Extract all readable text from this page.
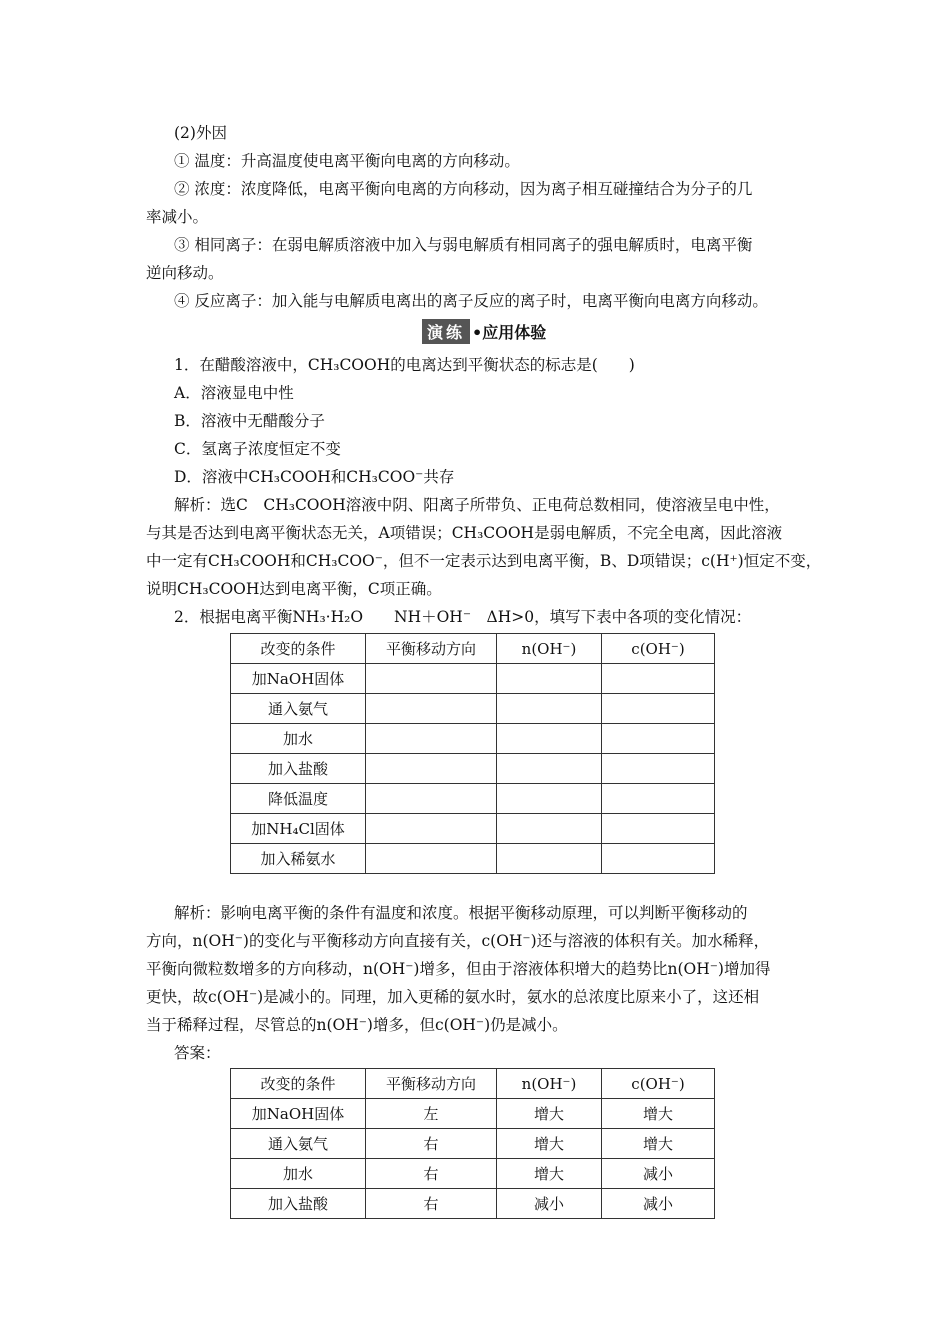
(2)外因
① 温度：升高温度使电离平衡向电离的方向移动。
② 浓度：浓度降低，电离平衡向电离的方向移动，因为离子相互碰撞结合为分子的几
率减小。
③ 相同离子：在弱电解质溶液中加入与弱电解质有相同离子的强电解质时，电离平衡
逆向移动。
④ 反应离子：加入能与电解质电离出的离子反应的离子时，电离平衡向电离方向移动。
演练 •应用体验
1．在醋酸溶液中，CH₃COOH的电离达到平衡状态的标志是(　　)
A．溶液显电中性
B．溶液中无醋酸分子
C．氢离子浓度恒定不变
D．溶液中CH₃COOH和CH₃COO⁻共存
解析：选C　CH₃COOH溶液中阴、阳离子所带负、正电荷总数相同，使溶液呈电中性，
与其是否达到电离平衡状态无关，A项错误；CH₃COOH是弱电解质，不完全电离，因此溶液
中一定有CH₃COOH和CH₃COO⁻，但不一定表示达到电离平衡，B、D项错误；c(H⁺)恒定不变，
说明CH₃COOH达到电离平衡，C项正确。
2．根据电离平衡NH₃·H₂O　　NH＋OH⁻　ΔH>0，填写下表中各项的变化情况：
改变的条件	平衡移动方向	n(OH⁻)	c(OH⁻)
加NaOH固体			
通入氨气			
加水			
加入盐酸			
降低温度			
加NH₄Cl固体			
加入稀氨水			
解析：影响电离平衡的条件有温度和浓度。根据平衡移动原理，可以判断平衡移动的
方向，n(OH⁻)的变化与平衡移动方向直接有关，c(OH⁻)还与溶液的体积有关。加水稀释，
平衡向微粒数增多的方向移动，n(OH⁻)增多，但由于溶液体积增大的趋势比n(OH⁻)增加得
更快，故c(OH⁻)是减小的。同理，加入更稀的氨水时，氨水的总浓度比原来小了，这还相
当于稀释过程，尽管总的n(OH⁻)增多，但c(OH⁻)仍是减小。
答案：
改变的条件	平衡移动方向	n(OH⁻)	c(OH⁻)
加NaOH固体	左	增大	增大
通入氨气	右	增大	增大
加水	右	增大	减小
加入盐酸	右	减小	减小
